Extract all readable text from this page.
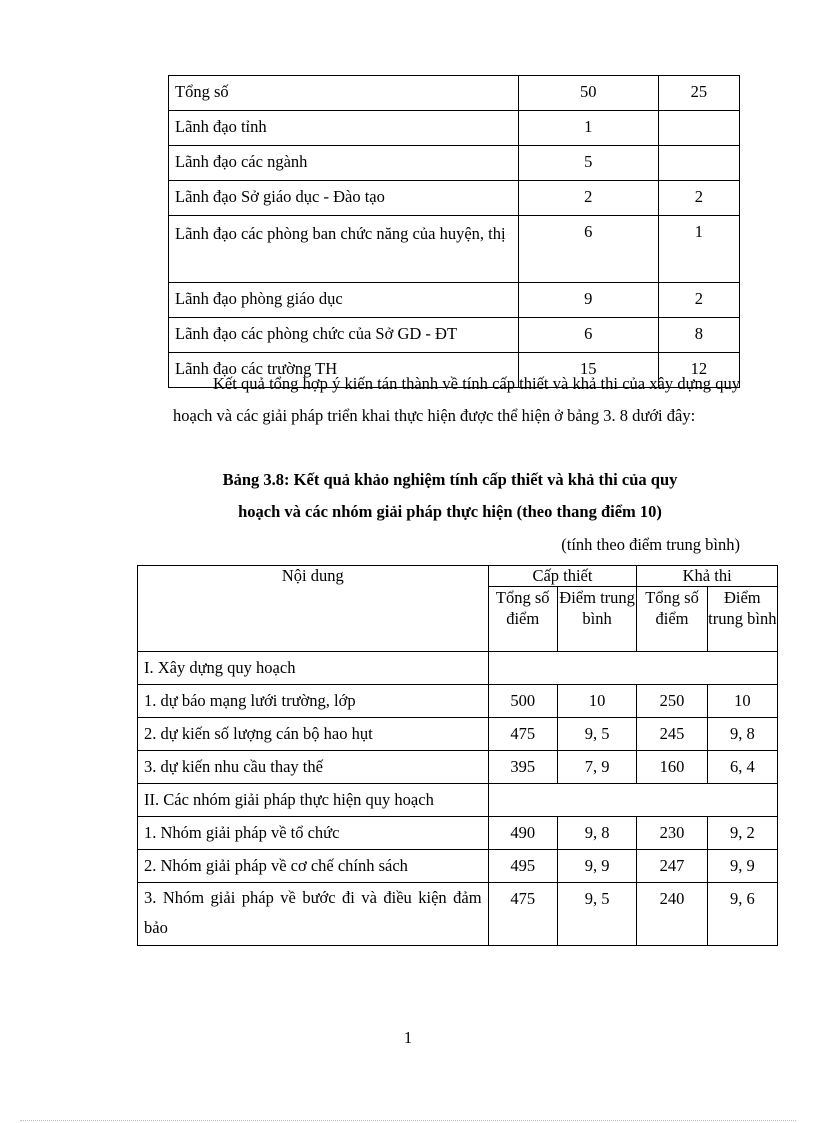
Tổng số	50	25
Lãnh đạo tỉnh	1	
Lãnh đạo các ngành	5	
Lãnh đạo Sở giáo dục - Đào tạo	2	2
Lãnh đạo các phòng ban chức năng của huyện, thị	6	1
Lãnh đạo phòng giáo dục	9	2
Lãnh đạo các phòng chức của Sở GD - ĐT	6	8
Lãnh đạo các trường TH	15	12
Kết quả tổng hợp ý kiến tán thành về tính cấp thiết và khả thi của xây dựng quy hoạch và các giải pháp triển khai thực hiện được thể hiện ở bảng 3. 8 dưới đây:
Bảng 3.8: Kết quả khảo nghiệm tính cấp thiết và khả thi của quy
hoạch và các nhóm giải pháp thực hiện (theo thang điểm 10)
(tính theo điểm trung bình)
Nội dung	Cấp thiết		Khả thi	
	Tổng số điểm	Điểm trung bình	Tổng số điểm	Điểm trung bình
I. Xây dựng quy hoạch				
1. dự báo mạng lưới trường, lớp	500	10	250	10
2. dự kiến số lượng cán bộ hao hụt	475	9, 5	245	9, 8
3. dự kiến nhu cầu thay thế	395	7, 9	160	6, 4
II. Các nhóm giải pháp thực hiện quy hoạch				
1. Nhóm giải pháp về tổ chức	490	9, 8	230	9, 2
2. Nhóm giải pháp về cơ chế chính sách	495	9, 9	247	9, 9
3. Nhóm giải pháp về bước đi và điều kiện đảm bảo	475	9, 5	240	9, 6
1
